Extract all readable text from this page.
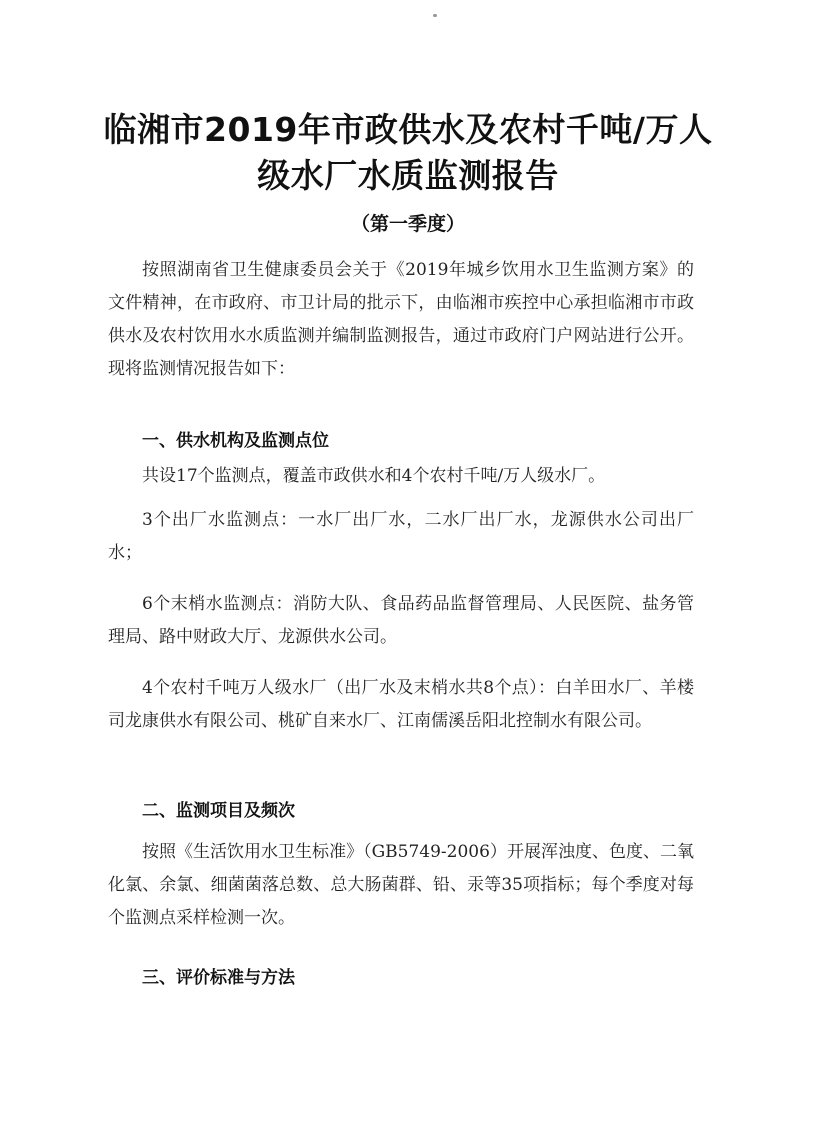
临湘市2019年市政供水及农村千吨/万人
级水厂水质监测报告
（第一季度）
按照湖南省卫生健康委员会关于《2019年城乡饮用水卫生监测方案》的文件精神，在市政府、市卫计局的批示下，由临湘市疾控中心承担临湘市市政供水及农村饮用水水质监测并编制监测报告，通过市政府门户网站进行公开。现将监测情况报告如下：
一、供水机构及监测点位
共设17个监测点，覆盖市政供水和4个农村千吨/万人级水厂。
3个出厂水监测点：一水厂出厂水，二水厂出厂水，龙源供水公司出厂水；
6个末梢水监测点：消防大队、食品药品监督管理局、人民医院、盐务管理局、路中财政大厅、龙源供水公司。
4个农村千吨万人级水厂（出厂水及末梢水共8个点）：白羊田水厂、羊楼司龙康供水有限公司、桃矿自来水厂、江南儒溪岳阳北控制水有限公司。
二、监测项目及频次
按照《生活饮用水卫生标准》（GB5749-2006）开展浑浊度、色度、二氧化氯、余氯、细菌菌落总数、总大肠菌群、铅、汞等35项指标；每个季度对每个监测点采样检测一次。
三、评价标准与方法
